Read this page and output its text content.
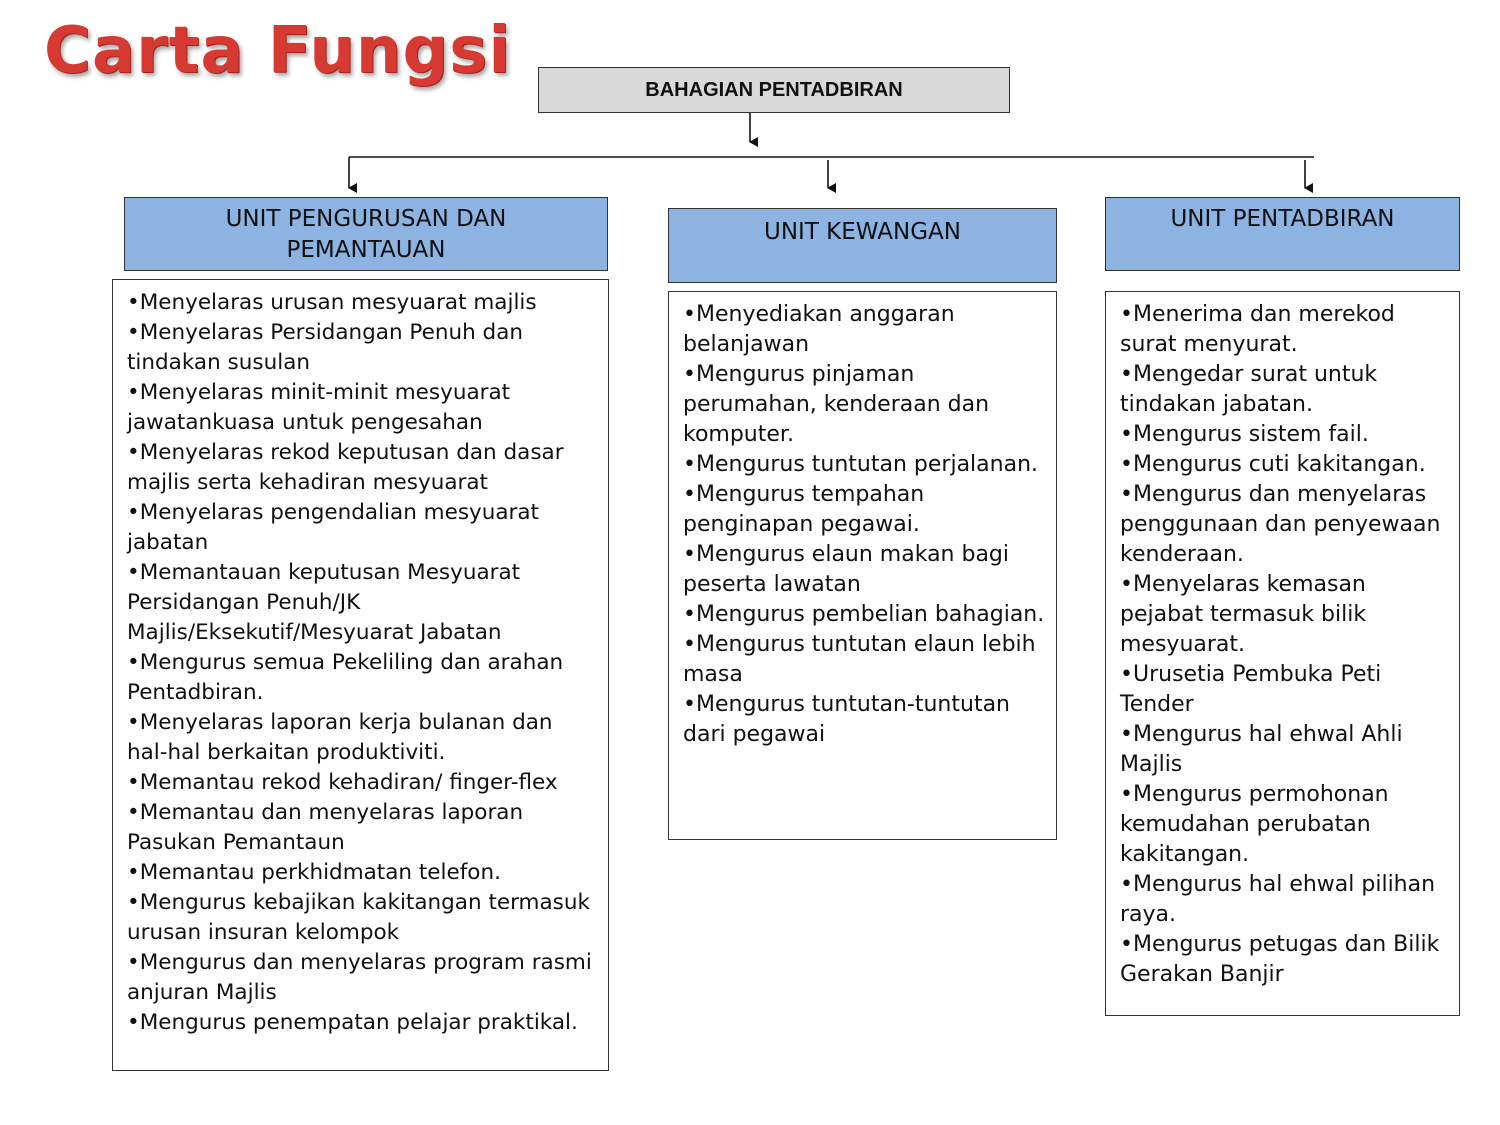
Carta Fungsi
BAHAGIAN PENTADBIRAN
UNIT PENGURUSAN DAN
PEMANTAUAN
• Menyelaras urusan mesyuarat majlis
• Menyelaras Persidangan Penuh dan tindakan susulan
• Menyelaras minit-minit mesyuarat jawatankuasa untuk pengesahan
• Menyelaras rekod keputusan dan dasar majlis serta kehadiran mesyuarat
• Menyelaras pengendalian mesyuarat jabatan
• Memantauan keputusan Mesyuarat Persidangan Penuh/JK Majlis/Eksekutif/Mesyuarat Jabatan
• Mengurus semua Pekeliling dan arahan Pentadbiran.
• Menyelaras laporan kerja bulanan dan hal-hal berkaitan produktiviti.
• Memantau rekod kehadiran/ finger-flex
• Memantau dan menyelaras laporan Pasukan Pemantaun
• Memantau perkhidmatan telefon.
• Mengurus kebajikan kakitangan termasuk urusan insuran kelompok
• Mengurus dan menyelaras program rasmi anjuran Majlis
• Mengurus penempatan pelajar praktikal.
UNIT KEWANGAN
• Menyediakan anggaran belanjawan
• Mengurus pinjaman perumahan, kenderaan dan komputer.
• Mengurus tuntutan perjalanan.
• Mengurus tempahan penginapan pegawai.
• Mengurus elaun makan bagi peserta lawatan
• Mengurus pembelian bahagian.
• Mengurus tuntutan elaun lebih masa
• Mengurus tuntutan-tuntutan dari pegawai
UNIT PENTADBIRAN
• Menerima dan merekod surat menyurat.
• Mengedar surat untuk tindakan jabatan.
• Mengurus sistem fail.
• Mengurus cuti kakitangan.
• Mengurus dan menyelaras penggunaan dan penyewaan kenderaan.
• Menyelaras kemasan pejabat termasuk bilik mesyuarat.
• Urusetia Pembuka Peti Tender
• Mengurus hal ehwal Ahli Majlis
• Mengurus permohonan kemudahan perubatan kakitangan.
• Mengurus hal ehwal pilihan raya.
• Mengurus petugas dan Bilik Gerakan Banjir
